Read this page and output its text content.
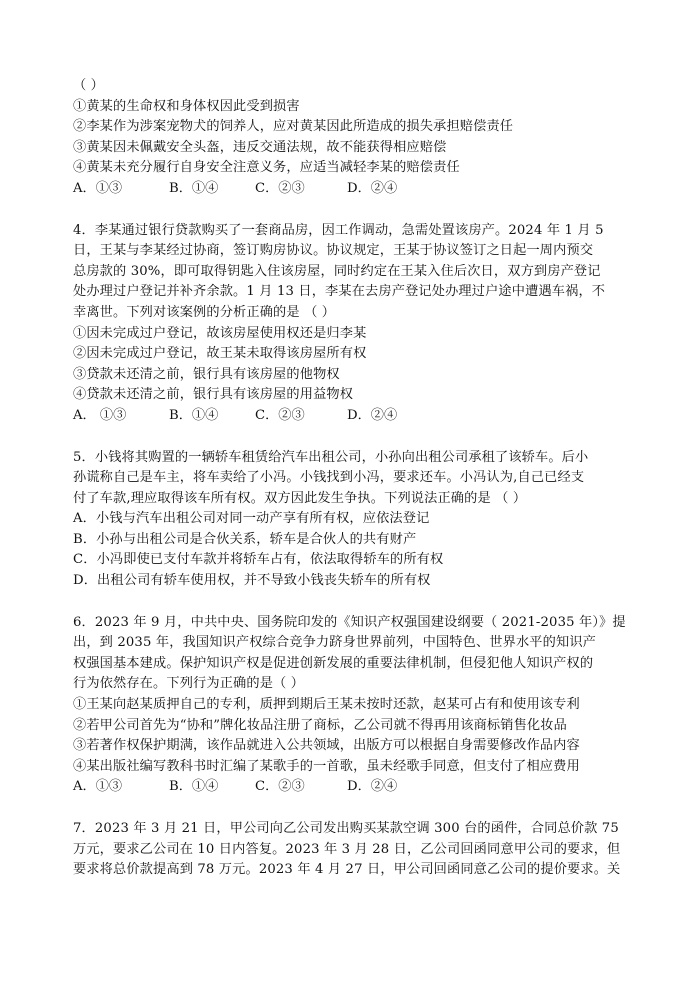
（ ）
①黄某的生命权和身体权因此受到损害
②李某作为涉案宠物犬的饲养人，应对黄某因此所造成的损失承担赔偿责任
③黄某因未佩戴安全头盔，违反交通法规，故不能获得相应赔偿
④黄某未充分履行自身安全注意义务，应适当减轻李某的赔偿责任
A．①③	B．①④	C．②③	D．②④
4．李某通过银行贷款购买了一套商品房，因工作调动，急需处置该房产。2024 年 1 月 5
日，王某与李某经过协商，签订购房协议。协议规定，王某于协议签订之日起一周内预交
总房款的 30%，即可取得钥匙入住该房屋，同时约定在王某入住后次日，双方到房产登记
处办理过户登记并补齐余款。1 月 13 日，李某在去房产登记处办理过户途中遭遇车祸，不
幸离世。下列对该案例的分析正确的是 （ ）
①因未完成过户登记，故该房屋使用权还是归李某
②因未完成过户登记，故王某未取得该房屋所有权
③贷款未还清之前，银行具有该房屋的他物权
④贷款未还清之前，银行具有该房屋的用益物权
A． ①③	B．①④	C．②③	D．②④
5．小钱将其购置的一辆轿车租赁给汽车出租公司，小孙向出租公司承租了该轿车。后小
孙谎称自己是车主，将车卖给了小冯。小钱找到小冯，要求还车。小冯认为,自己已经支
付了车款,理应取得该车所有权。双方因此发生争执。下列说法正确的是 （ ）
A．小钱与汽车出租公司对同一动产享有所有权，应依法登记
B．小孙与出租公司是合伙关系，轿车是合伙人的共有财产
C．小冯即使已支付车款并将轿车占有，依法取得轿车的所有权
D．出租公司有轿车使用权，并不导致小钱丧失轿车的所有权
6．2023 年 9 月，中共中央、国务院印发的《知识产权强国建设纲要（ 2021-2035 年）》提
出，到 2035 年，我国知识产权综合竞争力跻身世界前列，中国特色、世界水平的知识产
权强国基本建成。保护知识产权是促进创新发展的重要法律机制，但侵犯他人知识产权的
行为依然存在。下列行为正确的是（ ）
①王某向赵某质押自己的专利，质押到期后王某未按时还款，赵某可占有和使用该专利
②若甲公司首先为“协和”牌化妆品注册了商标，乙公司就不得再用该商标销售化妆品
③若著作权保护期满，该作品就进入公共领域，出版方可以根据自身需要修改作品内容
④某出版社编写教科书时汇编了某歌手的一首歌，虽未经歌手同意，但支付了相应费用
A．①③	B．①④	C．②③	D．②④
7．2023 年 3 月 21 日，甲公司向乙公司发出购买某款空调 300 台的函件，合同总价款 75
万元，要求乙公司在 10 日内答复。2023 年 3 月 28 日，乙公司回函同意甲公司的要求，但
要求将总价款提高到 78 万元。2023 年 4 月 27 日，甲公司回函同意乙公司的提价要求。关
